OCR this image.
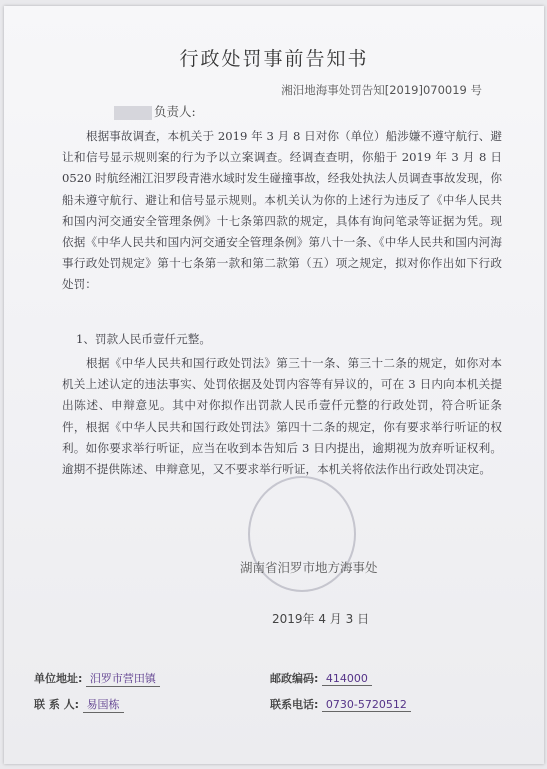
行政处罚事前告知书
湘汨地海事处罚告知[2019]070019 号
负责人:
根据事故调查，本机关于 2019 年 3 月 8 日对你（单位）船涉嫌不遵守航行、避让和信号显示规则案的行为予以立案调查。经调查查明，你船于 2019 年 3 月 8 日 0520 时航经湘江汨罗段青港水域时发生碰撞事故，经我处执法人员调查事故发现，你船未遵守航行、避让和信号显示规则。本机关认为你的上述行为违反了《中华人民共和国内河交通安全管理条例》十七条第四款的规定，具体有询问笔录等证据为凭。现依据《中华人民共和国内河交通安全管理条例》第八十一条、《中华人民共和国内河海事行政处罚规定》第十七条第一款和第二款第（五）项之规定，拟对你作出如下行政处罚：
1、罚款人民币壹仟元整。
根据《中华人民共和国行政处罚法》第三十一条、第三十二条的规定，如你对本机关上述认定的违法事实、处罚依据及处罚内容等有异议的，可在 3 日内向本机关提出陈述、申辩意见。其中对你拟作出罚款人民币壹仟元整的行政处罚，符合听证条件，根据《中华人民共和国行政处罚法》第四十二条的规定，你有要求举行听证的权利。如你要求举行听证，应当在收到本告知后 3 日内提出，逾期视为放弃听证权利。逾期不提供陈述、申辩意见，又不要求举行听证，本机关将依法作出行政处罚决定。
湖南省汨罗市地方海事处
2019年 4 月 3 日
单位地址: 汨罗市营田镇	邮政编码: 414000
联 系 人: 易国栋	联系电话: 0730-5720512
